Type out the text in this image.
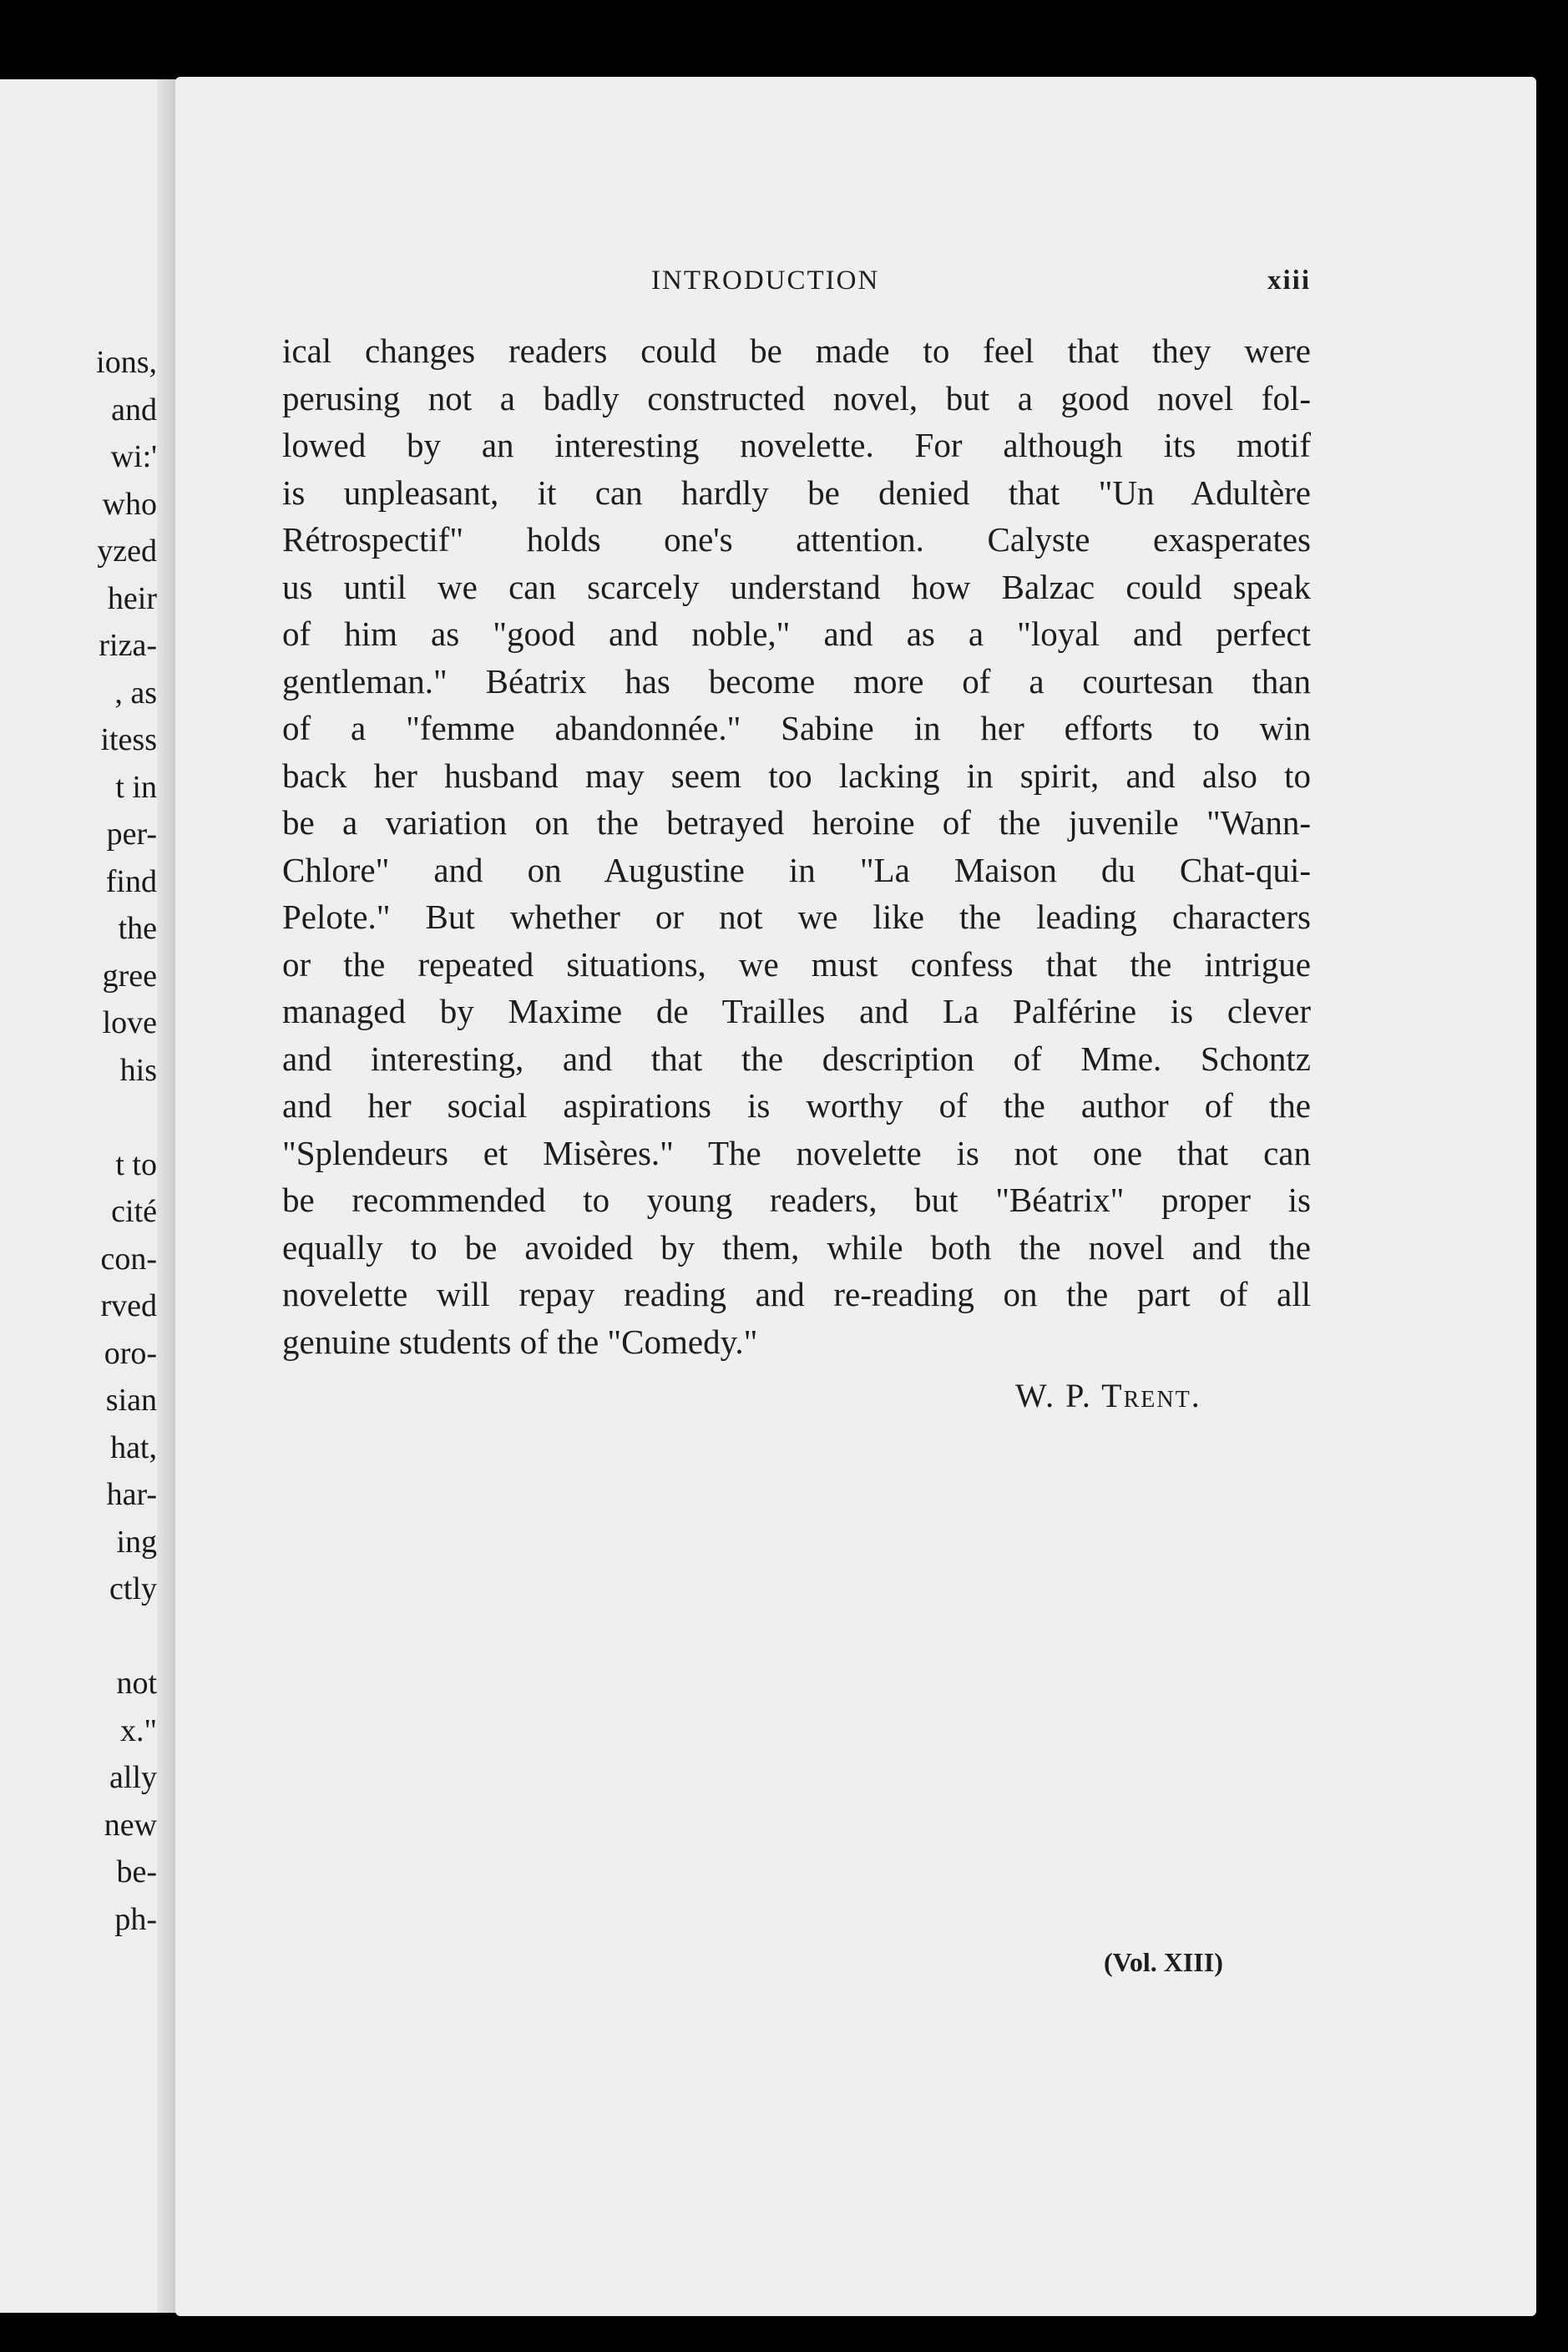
ions,
and
wi:'
who
yzed
heir
riza-
, as
itess
t in
per-
find
the
gree
love
his
t to
cité
con-
rved
oro-
sian
hat,
har-
ing
ctly
not
x."
ally
new
be-
ph-
INTRODUCTION	xiii
ical changes readers could be made to feel that they were
perusing not a badly constructed novel, but a good novel fol-
lowed by an interesting novelette. For although its motif
is unpleasant, it can hardly be denied that "Un Adultère
Rétrospectif" holds one's attention. Calyste exasperates
us until we can scarcely understand how Balzac could speak
of him as "good and noble," and as a "loyal and perfect
gentleman." Béatrix has become more of a courtesan than
of a "femme abandonnée." Sabine in her efforts to win
back her husband may seem too lacking in spirit, and also to
be a variation on the betrayed heroine of the juvenile "Wann-
Chlore" and on Augustine in "La Maison du Chat-qui-
Pelote." But whether or not we like the leading characters
or the repeated situations, we must confess that the intrigue
managed by Maxime de Trailles and La Palférine is clever
and interesting, and that the description of Mme. Schontz
and her social aspirations is worthy of the author of the
"Splendeurs et Misères." The novelette is not one that can
be recommended to young readers, but "Béatrix" proper is
equally to be avoided by them, while both the novel and the
novelette will repay reading and re-reading on the part of all
genuine students of the "Comedy."
W. P. Trent.
(Vol. XIII)
